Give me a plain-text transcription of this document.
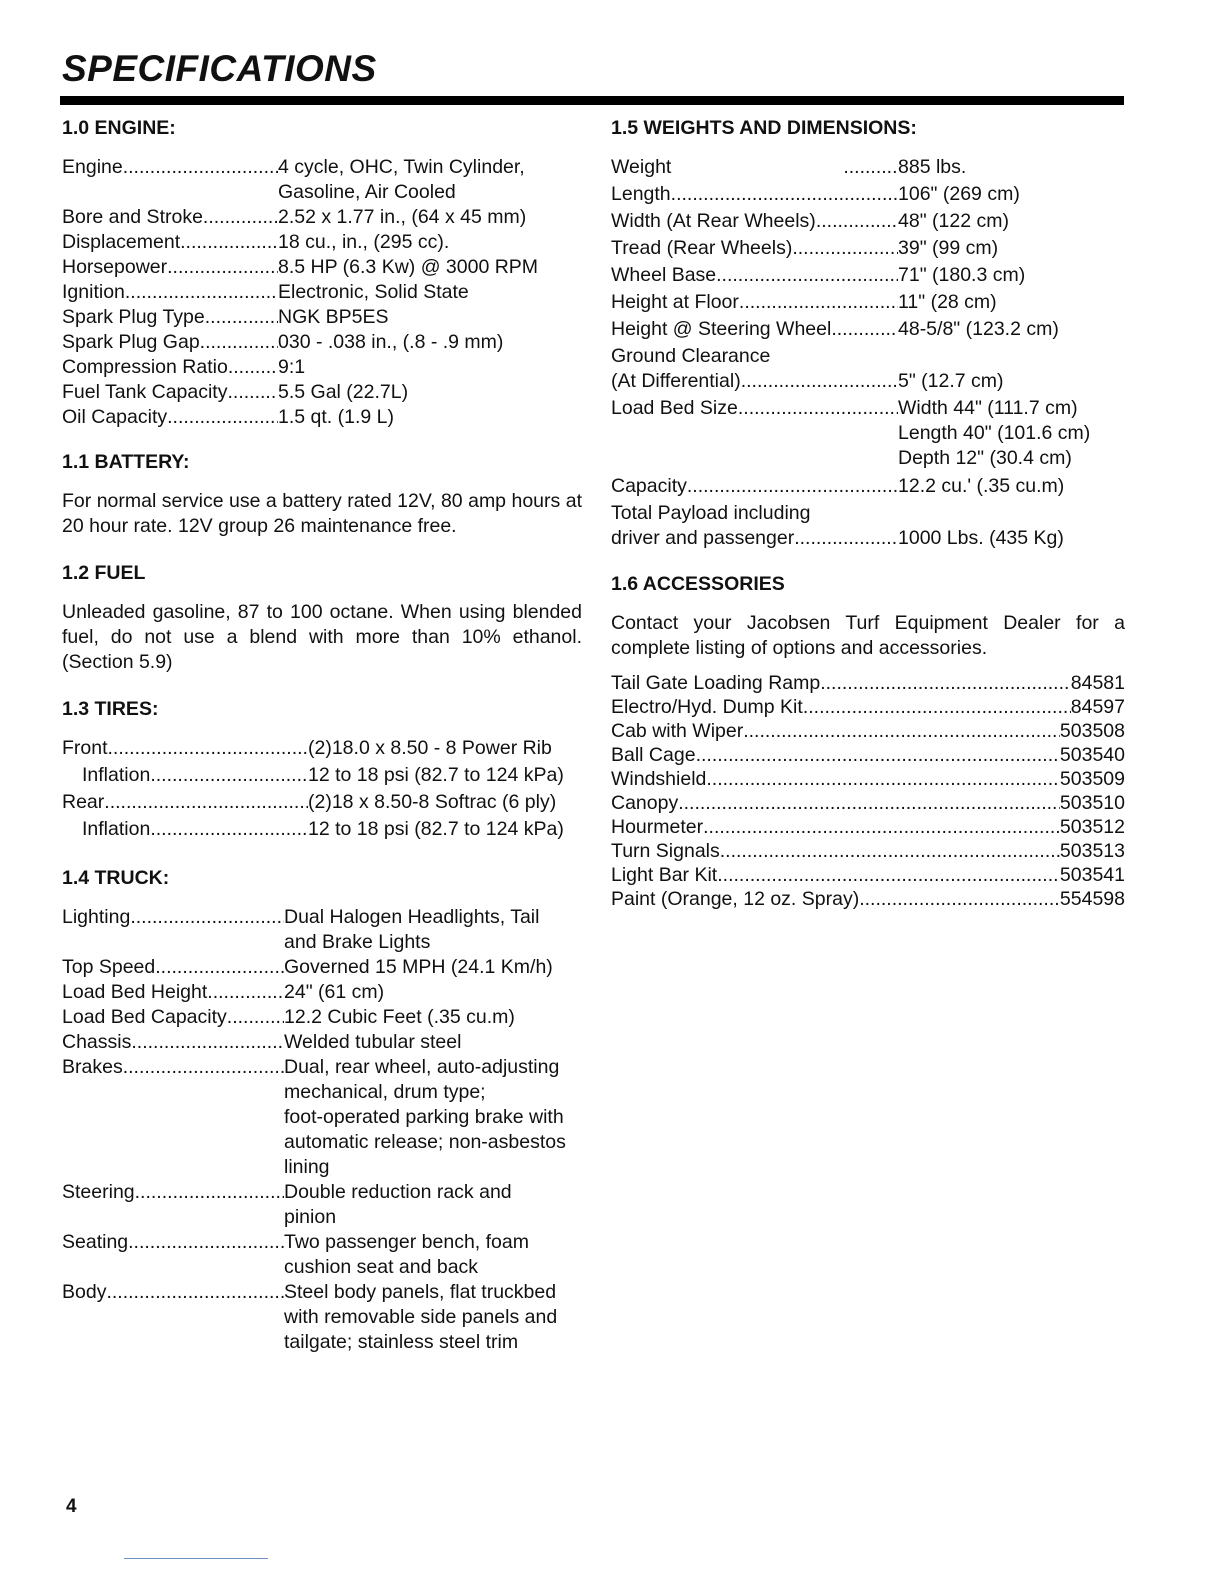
SPECIFICATIONS
1.0 ENGINE:
Engine .....	4 cycle, OHC, Twin Cylinder,
Gasoline, Air Cooled
Bore and Stroke .....	2.52 x 1.77 in., (64 x 45 mm)
Displacement .....	18 cu., in., (295 cc).
Horsepower .....	8.5 HP (6.3 Kw) @ 3000 RPM
Ignition .....	Electronic, Solid State
Spark Plug Type .....	NGK BP5ES
Spark Plug Gap .....	030 - .038 in., (.8 - .9 mm)
Compression Ratio .....	9:1
Fuel Tank Capacity .....	5.5 Gal (22.7L)
Oil Capacity .....	1.5 qt. (1.9 L)
1.1 BATTERY:

For normal service use a battery rated 12V, 80 amp hours at 20 hour rate. 12V group 26 maintenance free.

1.2 FUEL

Unleaded gasoline, 87 to 100 octane. When using blended fuel, do not use a blend with more than 10% ethanol. (Section 5.9)

1.3 TIRES:
Front .....	(2)18.0 x 8.50 - 8 Power Rib
Inflation .....	12 to 18 psi (82.7 to 124 kPa)
Rear .....	(2)18 x 8.50-8 Softrac (6 ply)
Inflation .....	12 to 18 psi (82.7 to 124 kPa)
1.4 TRUCK:
Lighting .....	Dual Halogen Headlights, Tail
and Brake Lights
Top Speed .....	Governed 15 MPH (24.1 Km/h)
Load Bed Height .....	24" (61 cm)
Load Bed Capacity .....	12.2 Cubic Feet (.35 cu.m)
Chassis .....	Welded tubular steel
Brakes .....	Dual, rear wheel, auto-adjusting
mechanical, drum type;
foot-operated parking brake with
automatic release; non-asbestos
lining
Steering .....	Double reduction rack and
pinion
Seating .....	Two passenger bench, foam
cushion seat and back
Body .....	Steel body panels, flat truckbed
with removable side panels and
tailgate; stainless steel trim
1.5 WEIGHTS AND DIMENSIONS:
Weight .....	885 lbs.
Length .....	106" (269 cm)
Width (At Rear Wheels) .....	48" (122 cm)
Tread (Rear Wheels) .....	39" (99 cm)
Wheel Base .....	71" (180.3 cm)
Height at Floor .....	11" (28 cm)
Height @ Steering Wheel .....	48-5/8" (123.2 cm)
Ground Clearance
(At Differential) .....	5" (12.7 cm)
Load Bed Size .....	Width 44" (111.7 cm)
Length 40" (101.6 cm)
Depth 12" (30.4 cm)
Capacity .....	12.2 cu.' (.35 cu.m)
Total Payload including
driver and passenger .....	1000 Lbs. (435 Kg)
1.6 ACCESSORIES

Contact your Jacobsen Turf Equipment Dealer for a complete listing of options and accessories.

Tail Gate Loading Ramp .....	84581
Electro/Hyd. Dump Kit .....	84597
Cab with Wiper .....	503508
Ball Cage .....	503540
Windshield .....	503509
Canopy .....	503510
Hourmeter .....	503512
Turn Signals .....	503513
Light Bar Kit .....	503541
Paint (Orange, 12 oz. Spray) .....	554598
4
